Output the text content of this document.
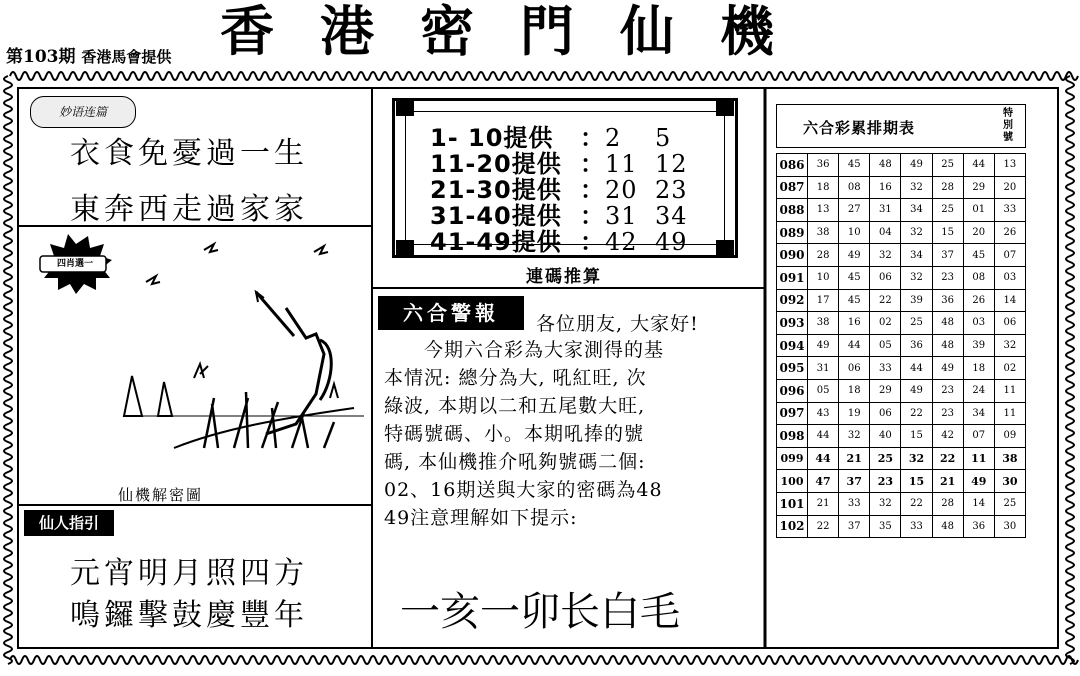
香港密門仙機
第103期 香港馬會提供
妙语连篇
衣食免憂過一生
東奔西走過家家
四肖選一
仙機解密圖
仙人指引
元宵明月照四方
鳴鑼擊鼓慶豐年
1- 10提供 ：2 5
11-20提供 ：11 12
21-30提供 ：20 23
31-40提供 ：31 34
41-49提供 ：42 49
連碼推算
六合警報	各位朋友, 大家好!
今期六合彩為大家測得的基
本情況: 總分為大, 吼紅旺, 次
綠波, 本期以二和五尾數大旺,
特碼號碼、小。本期吼捧的號
碼, 本仙機推介吼夠號碼二個:
02、16期送與大家的密碼為48
49注意理解如下提示:
一亥一卯长白毛
六合彩累排期表
特別號
086	36	45	48	49	25	44	13
087	18	08	16	32	28	29	20
088	13	27	31	34	25	01	33
089	38	10	04	32	15	20	26
090	28	49	32	34	37	45	07
091	10	45	06	32	23	08	03
092	17	45	22	39	36	26	14
093	38	16	02	25	48	03	06
094	49	44	05	36	48	39	32
095	31	06	33	44	49	18	02
096	05	18	29	49	23	24	11
097	43	19	06	22	23	34	11
098	44	32	40	15	42	07	09
099	44	21	25	32	22	11	38
100	47	37	23	15	21	49	30
101	21	33	32	22	28	14	25
102	22	37	35	33	48	36	30
